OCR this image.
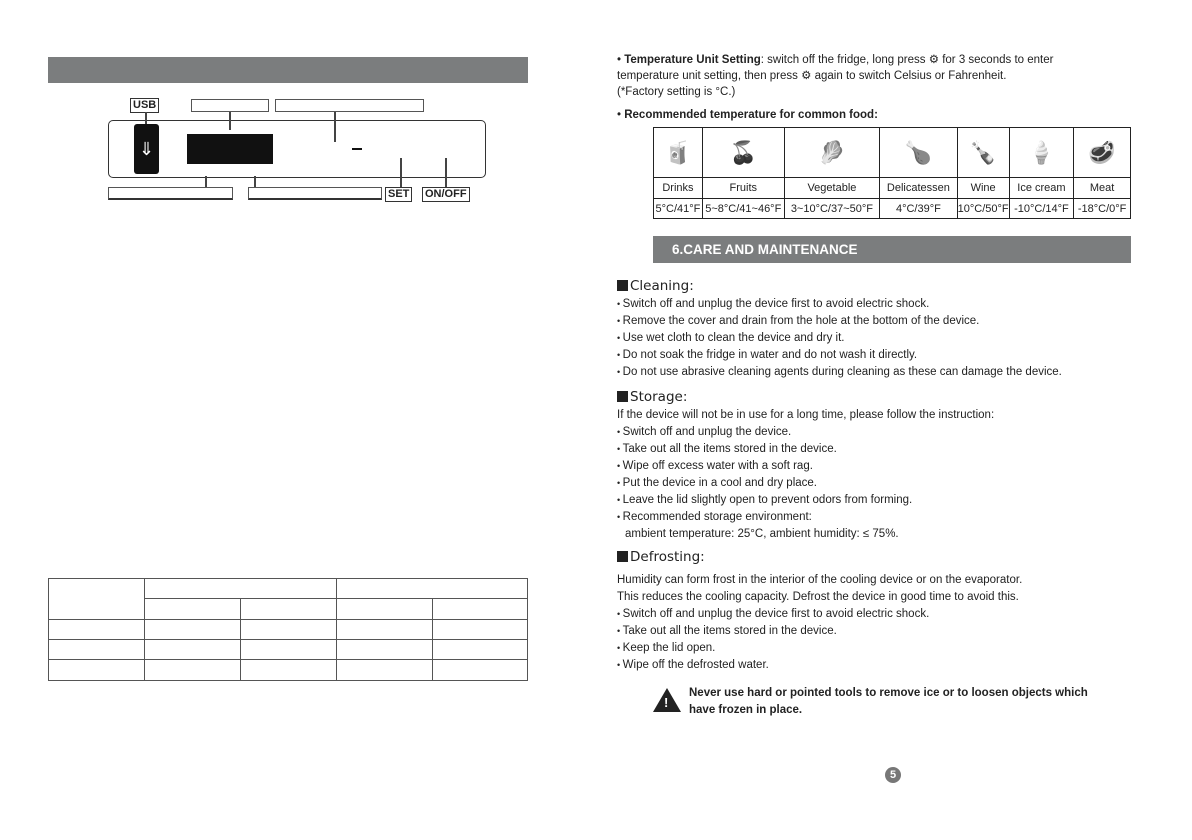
USB
⇓
SET ON/OFF

• Temperature Unit Setting: switch off the fridge, long press ⚙ for 3 seconds to enter
temperature unit setting, then press ⚙ again to switch Celsius or Fahrenheit.
(*Factory setting is °C.)
• Recommended temperature for common food:
🧃	🍒	🥬	🍗	🍾	🍦	🥩
Drinks	Fruits	Vegetable	Delicatessen	Wine	Ice cream	Meat
5°C/41°F	5~8°C/41~46°F	3~10°C/37~50°F	4°C/39°F	10°C/50°F	-10°C/14°F	-18°C/0°F
6.CARE AND MAINTENANCE
Cleaning:
• Switch off and unplug the device first to avoid electric shock.
• Remove the cover and drain from the hole at the bottom of the device.
• Use wet cloth to clean the device and dry it.
• Do not soak the fridge in water and do not wash it directly.
• Do not use abrasive cleaning agents during cleaning as these can damage the device.
Storage:
If the device will not be in use for a long time, please follow the instruction:
• Switch off and unplug the device.
• Take out all the items stored in the device.
• Wipe off excess water with a soft rag.
• Put the device in a cool and dry place.
• Leave the lid slightly open to prevent odors from forming.
• Recommended storage environment:
ambient temperature: 25°C, ambient humidity: ≤ 75%.
Defrosting:
Humidity can form frost in the interior of the cooling device or on the evaporator.
This reduces the cooling capacity. Defrost the device in good time to avoid this.
• Switch off and unplug the device first to avoid electric shock.
• Take out all the items stored in the device.
• Keep the lid open.
• Wipe off the defrosted water.
!
Never use hard or pointed tools to remove ice or to loosen objects which
have frozen in place.
5
